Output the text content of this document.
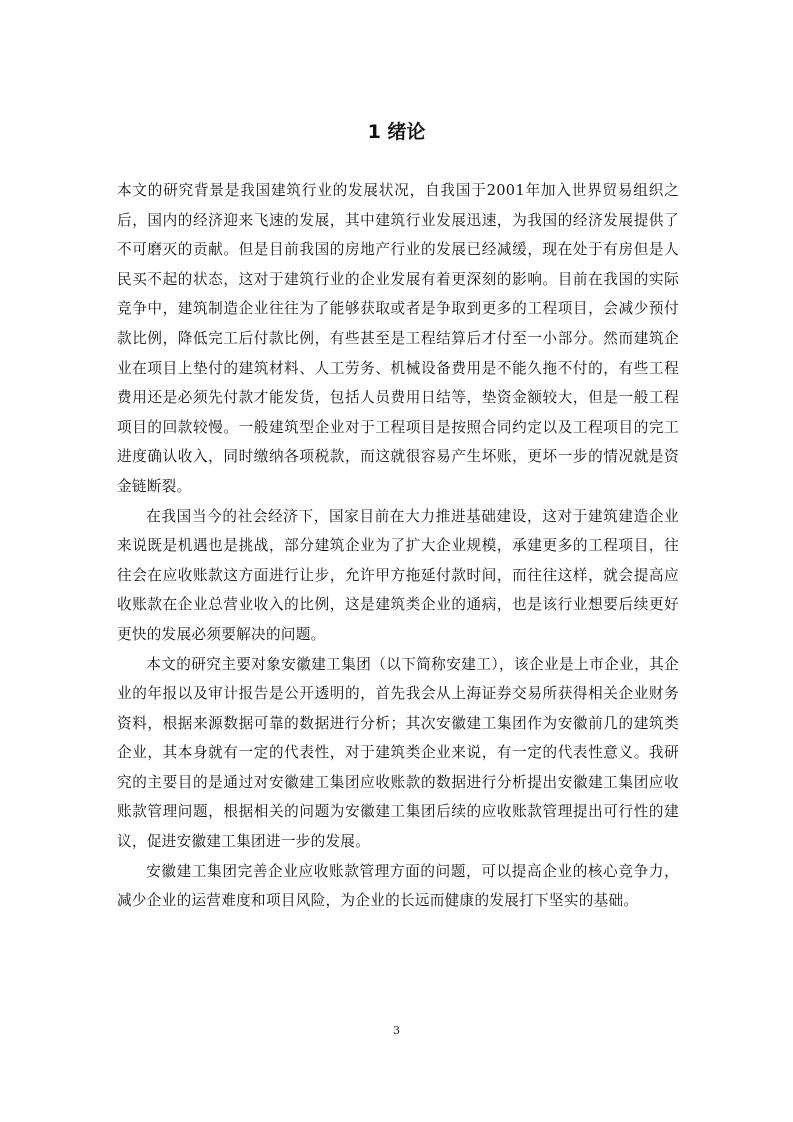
1 绪论

本文的研究背景是我国建筑行业的发展状况，自我国于2001年加入世界贸易组织之后，国内的经济迎来飞速的发展，其中建筑行业发展迅速，为我国的经济发展提供了不可磨灭的贡献。但是目前我国的房地产行业的发展已经减缓，现在处于有房但是人民买不起的状态，这对于建筑行业的企业发展有着更深刻的影响。目前在我国的实际竞争中，建筑制造企业往往为了能够获取或者是争取到更多的工程项目，会减少预付款比例，降低完工后付款比例，有些甚至是工程结算后才付至一小部分。然而建筑企业在项目上垫付的建筑材料、人工劳务、机械设备费用是不能久拖不付的，有些工程费用还是必须先付款才能发货，包括人员费用日结等，垫资金额较大，但是一般工程项目的回款较慢。一般建筑型企业对于工程项目是按照合同约定以及工程项目的完工进度确认收入，同时缴纳各项税款，而这就很容易产生坏账，更坏一步的情况就是资金链断裂。

在我国当今的社会经济下，国家目前在大力推进基础建设，这对于建筑建造企业来说既是机遇也是挑战，部分建筑企业为了扩大企业规模，承建更多的工程项目，往往会在应收账款这方面进行让步，允许甲方拖延付款时间，而往往这样，就会提高应收账款在企业总营业收入的比例，这是建筑类企业的通病，也是该行业想要后续更好更快的发展必须要解决的问题。

本文的研究主要对象安徽建工集团（以下简称安建工），该企业是上市企业，其企业的年报以及审计报告是公开透明的，首先我会从上海证券交易所获得相关企业财务资料，根据来源数据可靠的数据进行分析；其次安徽建工集团作为安徽前几的建筑类企业，其本身就有一定的代表性，对于建筑类企业来说，有一定的代表性意义。我研究的主要目的是通过对安徽建工集团应收账款的数据进行分析提出安徽建工集团应收账款管理问题，根据相关的问题为安徽建工集团后续的应收账款管理提出可行性的建议，促进安徽建工集团进一步的发展。

安徽建工集团完善企业应收账款管理方面的问题，可以提高企业的核心竞争力，减少企业的运营难度和项目风险，为企业的长远而健康的发展打下坚实的基础。

3
